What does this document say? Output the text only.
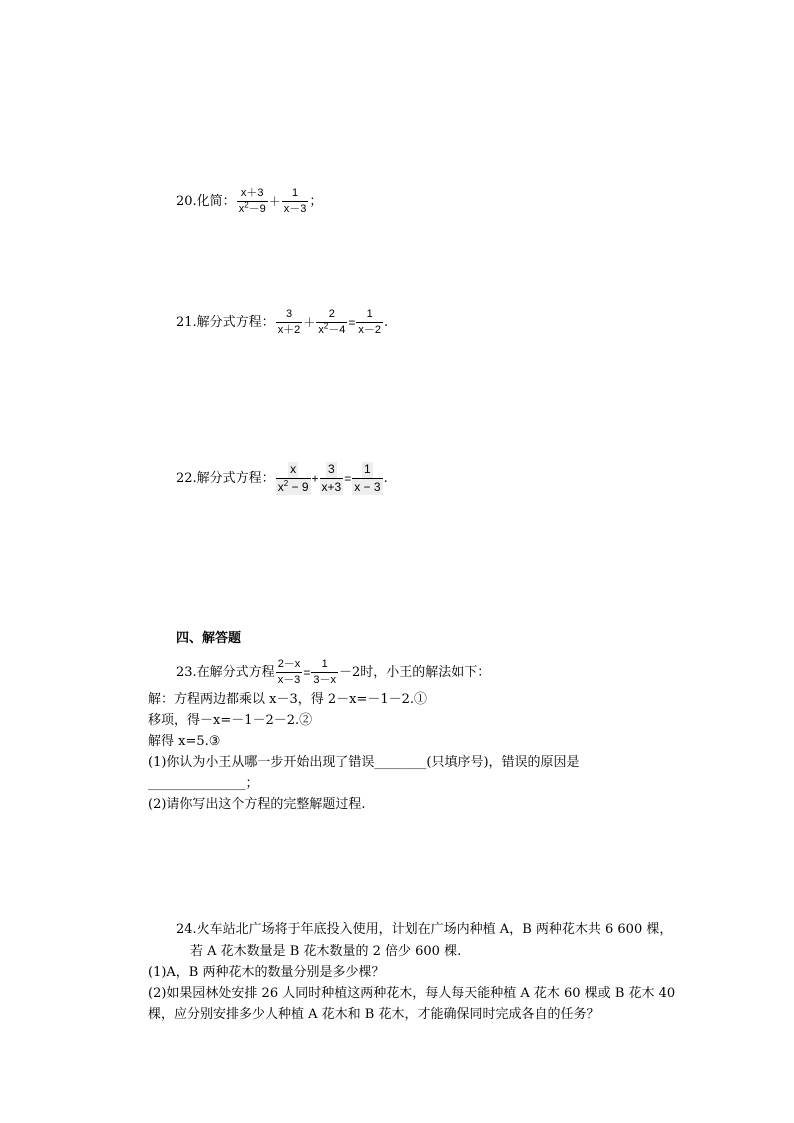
20.化简： $\frac{x+3}{x^2-9} + \frac{1}{x-3}$ ；
21.解分式方程： $\frac{3}{x+2} + \frac{2}{x^2-4} = \frac{1}{x-2}$ .
22.解分式方程： $\frac{x}{x^2 - 9} + \frac{3}{x+3} = \frac{1}{x - 3}$ .
四、解答题
23.在解分式方程 $\frac{2-x}{x-3} = \frac{1}{3-x} -2$时，小王的解法如下：
解：方程两边都乘以 x－3，得 2－x=－1－2.①
移项，得－x=－1－2－2.②
解得 x=5.③
(1)你认为小王从哪一步开始出现了错误________(只填序号)，错误的原因是
_______________；
(2)请你写出这个方程的完整解题过程.
24.火车站北广场将于年底投入使用，计划在广场内种植 A，B 两种花木共 6 600 棵，
若 A 花木数量是 B 花木数量的 2 倍少 600 棵.
(1)A，B 两种花木的数量分别是多少棵？
(2)如果园林处安排 26 人同时种植这两种花木，每人每天能种植 A 花木 60 棵或 B 花木 40
棵，应分别安排多少人种植 A 花木和 B 花木，才能确保同时完成各自的任务？
